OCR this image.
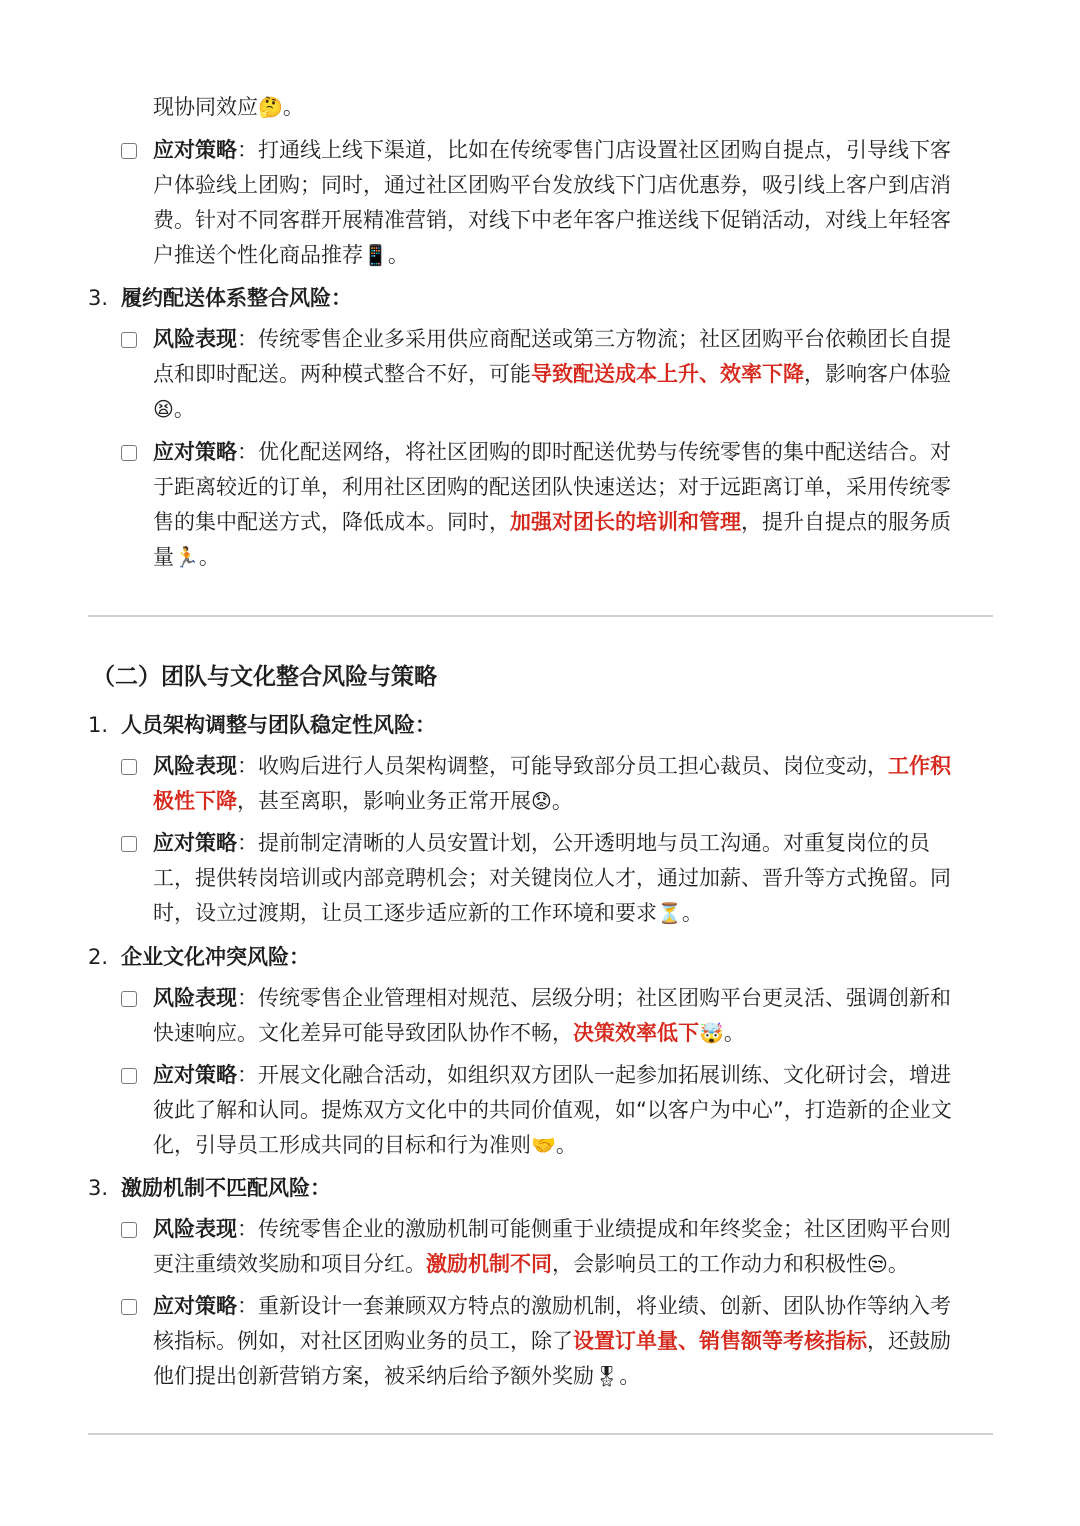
现协同效应🤔。
应对策略：打通线上线下渠道，比如在传统零售门店设置社区团购自提点，引导线下客户体验线上团购；同时，通过社区团购平台发放线下门店优惠券，吸引线上客户到店消费。针对不同客群开展精准营销，对线下中老年客户推送线下促销活动，对线上年轻客户推送个性化商品推荐📱。
3. 履约配送体系整合风险：
风险表现：传统零售企业多采用供应商配送或第三方物流；社区团购平台依赖团长自提点和即时配送。两种模式整合不好，可能导致配送成本上升、效率下降，影响客户体验😫。
应对策略：优化配送网络，将社区团购的即时配送优势与传统零售的集中配送结合。对于距离较近的订单，利用社区团购的配送团队快速送达；对于远距离订单，采用传统零售的集中配送方式，降低成本。同时，加强对团长的培训和管理，提升自提点的服务质量🏃。
（二）团队与文化整合风险与策略
1. 人员架构调整与团队稳定性风险：
风险表现：收购后进行人员架构调整，可能导致部分员工担心裁员、岗位变动，工作积极性下降，甚至离职，影响业务正常开展😟。
应对策略：提前制定清晰的人员安置计划，公开透明地与员工沟通。对重复岗位的员工，提供转岗培训或内部竞聘机会；对关键岗位人才，通过加薪、晋升等方式挽留。同时，设立过渡期，让员工逐步适应新的工作环境和要求⏳。
2. 企业文化冲突风险：
风险表现：传统零售企业管理相对规范、层级分明；社区团购平台更灵活、强调创新和快速响应。文化差异可能导致团队协作不畅，决策效率低下🤯。
应对策略：开展文化融合活动，如组织双方团队一起参加拓展训练、文化研讨会，增进彼此了解和认同。提炼双方文化中的共同价值观，如“以客户为中心”，打造新的企业文化，引导员工形成共同的目标和行为准则🤝。
3. 激励机制不匹配风险：
风险表现：传统零售企业的激励机制可能侧重于业绩提成和年终奖金；社区团购平台则更注重绩效奖励和项目分红。激励机制不同，会影响员工的工作动力和积极性😒。
应对策略：重新设计一套兼顾双方特点的激励机制，将业绩、创新、团队协作等纳入考核指标。例如，对社区团购业务的员工，除了设置订单量、销售额等考核指标，还鼓励他们提出创新营销方案，被采纳后给予额外奖励🎖。
